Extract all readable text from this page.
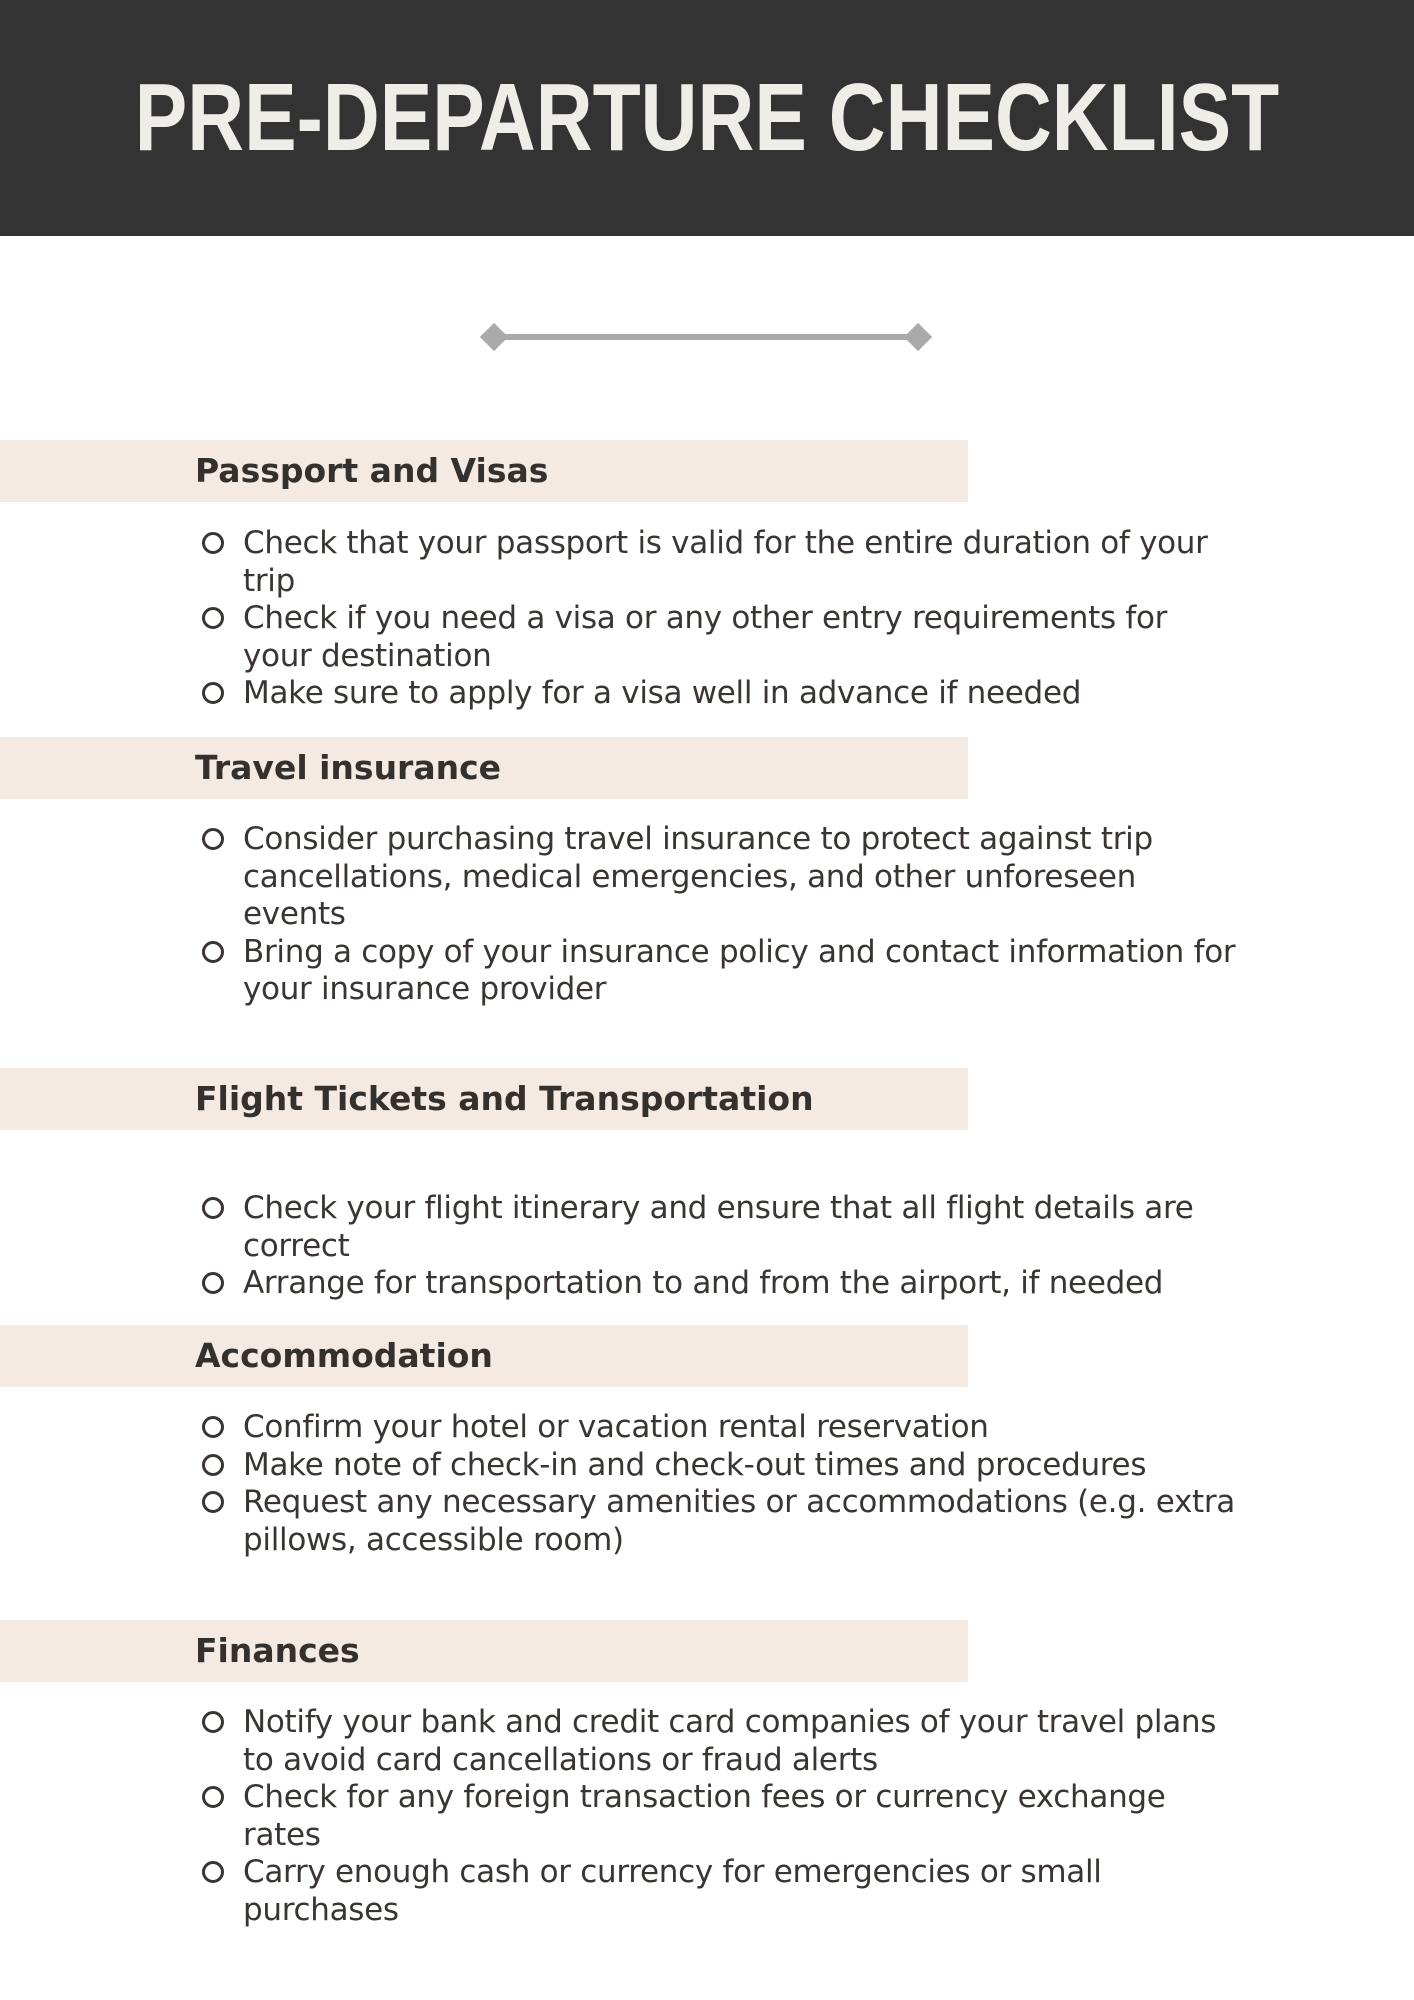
PRE-DEPARTURE CHECKLIST
Passport and Visas
Check that your passport is valid for the entire duration of your trip
Check if you need a visa or any other entry requirements for your destination
Make sure to apply for a visa well in advance if needed
Travel insurance
Consider purchasing travel insurance to protect against trip cancellations, medical emergencies, and other unforeseen events
Bring a copy of your insurance policy and contact information for your insurance provider
Flight Tickets and Transportation
Check your flight itinerary and ensure that all flight details are correct
Arrange for transportation to and from the airport, if needed
Accommodation
Confirm your hotel or vacation rental reservation
Make note of check-in and check-out times and procedures
Request any necessary amenities or accommodations (e.g. extra pillows, accessible room)
Finances
Notify your bank and credit card companies of your travel plans to avoid card cancellations or fraud alerts
Check for any foreign transaction fees or currency exchange rates
Carry enough cash or currency for emergencies or small purchases
